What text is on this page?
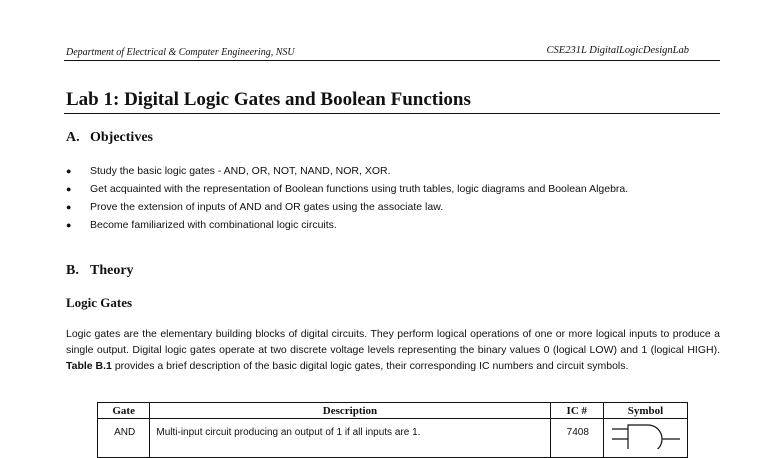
Department of Electrical & Computer Engineering, NSU	CSE231L DigitalLogicDesignLab
Lab 1: Digital Logic Gates and Boolean Functions
A. Objectives
● Study the basic logic gates - AND, OR, NOT, NAND, NOR, XOR.
● Get acquainted with the representation of Boolean functions using truth tables, logic diagrams and Boolean Algebra.
● Prove the extension of inputs of AND and OR gates using the associate law.
● Become familiarized with combinational logic circuits.
B. Theory
Logic Gates

Logic gates are the elementary building blocks of digital circuits. They perform logical operations of one or more logical inputs to produce a single output. Digital logic gates operate at two discrete voltage levels representing the binary values 0 (logical LOW) and 1 (logical HIGH). Table B.1 provides a brief description of the basic digital logic gates, their corresponding IC numbers and circuit symbols.

Gate	Description	IC #	Symbol
AND	Multi-input circuit producing an output of 1 if all inputs are 1.	7408	
